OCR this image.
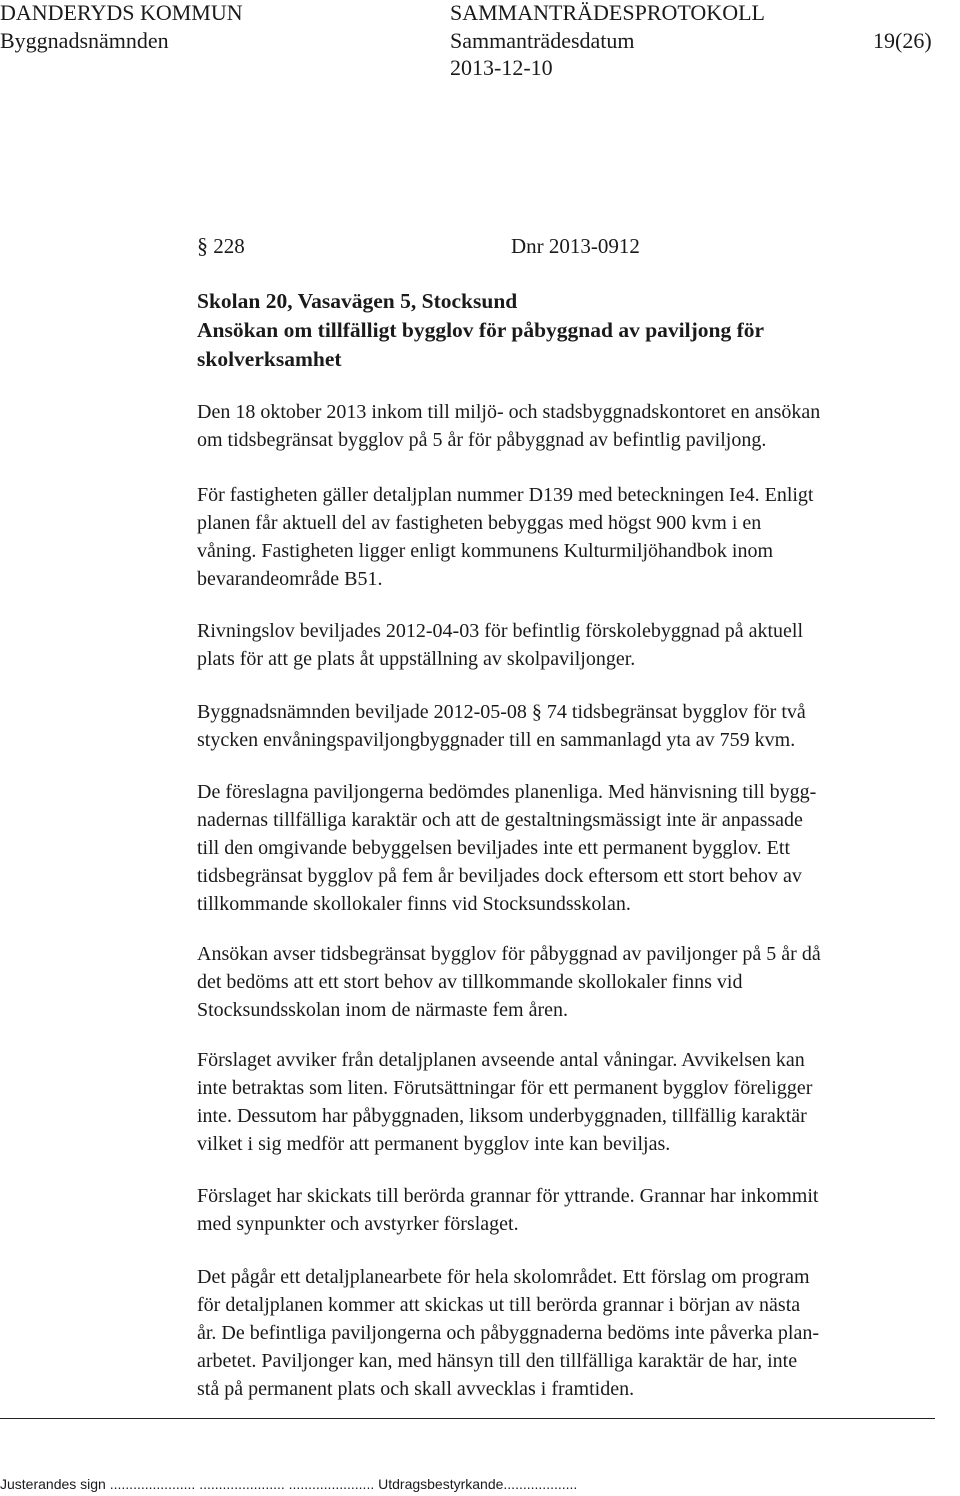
DANDERYDS KOMMUN	SAMMANTRÄDESPROTOKOLL
Byggnadsnämnden	Sammanträdesdatum	19(26)
2013-12-10
§ 228	Dnr 2013-0912
Skolan 20, Vasavägen 5, Stocksund
Ansökan om tillfälligt bygglov för påbyggnad av paviljong för
skolverksamhet
Den 18 oktober 2013 inkom till miljö- och stadsbyggnadskontoret en ansökan
om tidsbegränsat bygglov på 5 år för påbyggnad av befintlig paviljong.
För fastigheten gäller detaljplan nummer D139 med beteckningen Ie4. Enligt
planen får aktuell del av fastigheten bebyggas med högst 900 kvm i en
våning. Fastigheten ligger enligt kommunens Kulturmiljöhandbok inom
bevarandeområde B51.
Rivningslov beviljades 2012-04-03 för befintlig förskolebyggnad på aktuell
plats för att ge plats åt uppställning av skolpaviljonger.
Byggnadsnämnden beviljade 2012-05-08 § 74 tidsbegränsat bygglov för två
stycken envåningspaviljongbyggnader till en sammanlagd yta av 759 kvm.
De föreslagna paviljongerna bedömdes planenliga. Med hänvisning till bygg-
nadernas tillfälliga karaktär och att de gestaltningsmässigt inte är anpassade
till den omgivande bebyggelsen beviljades inte ett permanent bygglov. Ett
tidsbegränsat bygglov på fem år beviljades dock eftersom ett stort behov av
tillkommande skollokaler finns vid Stocksundsskolan.
Ansökan avser tidsbegränsat bygglov för påbyggnad av paviljonger på 5 år då
det bedöms att ett stort behov av tillkommande skollokaler finns vid
Stocksundsskolan inom de närmaste fem åren.
Förslaget avviker från detaljplanen avseende antal våningar. Avvikelsen kan
inte betraktas som liten. Förutsättningar för ett permanent bygglov föreligger
inte. Dessutom har påbyggnaden, liksom underbyggnaden, tillfällig karaktär
vilket i sig medför att permanent bygglov inte kan beviljas.
Förslaget har skickats till berörda grannar för yttrande. Grannar har inkommit
med synpunkter och avstyrker förslaget.
Det pågår ett detaljplanearbete för hela skolområdet. Ett förslag om program
för detaljplanen kommer att skickas ut till berörda grannar i början av nästa
år. De befintliga paviljongerna och påbyggnaderna bedöms inte påverka plan-
arbetet. Paviljonger kan, med hänsyn till den tillfälliga karaktär de har, inte
stå på permanent plats och skall avvecklas i framtiden.
Justerandes sign ...................... ...................... ...................... Utdragsbestyrkande...................
